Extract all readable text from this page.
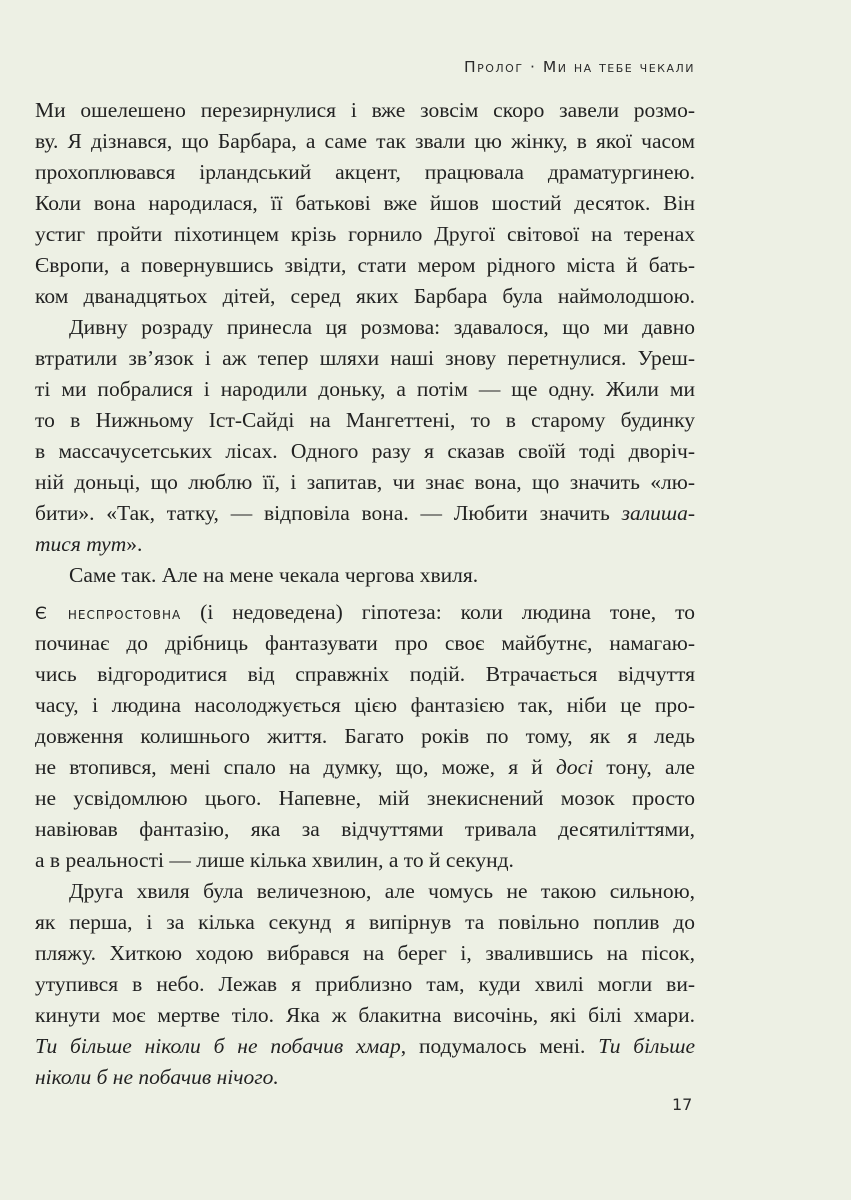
Пролог · Ми на тебе чекали
Ми ошелешено перезирнулися і вже зовсім скоро завели розмо-
ву. Я дізнався, що Барбара, а саме так звали цю жінку, в якої часом
прохоплювався ірландський акцент, працювала драматургинею.
Коли вона народилася, її батькові вже йшов шостий десяток. Він
устиг пройти піхотинцем крізь горнило Другої світової на теренах
Європи, а повернувшись звідти, стати мером рідного міста й бать-
ком дванадцятьох дітей, серед яких Барбара була наймолодшою.
Дивну розраду принесла ця розмова: здавалося, що ми давно
втратили зв’язок і аж тепер шляхи наші знову перетнулися. Уреш-
ті ми побралися і народили доньку, а потім — ще одну. Жили ми
то в Нижньому Іст-Сайді на Мангеттені, то в старому будинку
в массачусетських лісах. Одного разу я сказав своїй тоді дворіч-
ній доньці, що люблю її, і запитав, чи знає вона, що значить «лю-
бити». «Так, татку, — відповіла вона. — Любити значить залиша-
тися тут».
Саме так. Але на мене чекала чергова хвиля.
Є неспростовна (і недоведена) гіпотеза: коли людина тоне, то
починає до дрібниць фантазувати про своє майбутнє, намагаю-
чись відгородитися від справжніх подій. Втрачається відчуття
часу, і людина насолоджується цією фантазією так, ніби це про-
довження колишнього життя. Багато років по тому, як я ледь
не втопився, мені спало на думку, що, може, я й досі тону, але
не усвідомлюю цього. Напевне, мій знекиснений мозок просто
навіював фантазію, яка за відчуттями тривала десятиліттями,
а в реальності — лише кілька хвилин, а то й секунд.
Друга хвиля була величезною, але чомусь не такою сильною,
як перша, і за кілька секунд я випірнув та повільно поплив до
пляжу. Хиткою ходою вибрався на берег і, звалившись на пісок,
утупився в небо. Лежав я приблизно там, куди хвилі могли ви-
кинути моє мертве тіло. Яка ж блакитна височінь, які білі хмари.
Ти більше ніколи б не побачив хмар, подумалось мені. Ти більше
ніколи б не побачив нічого.
17
